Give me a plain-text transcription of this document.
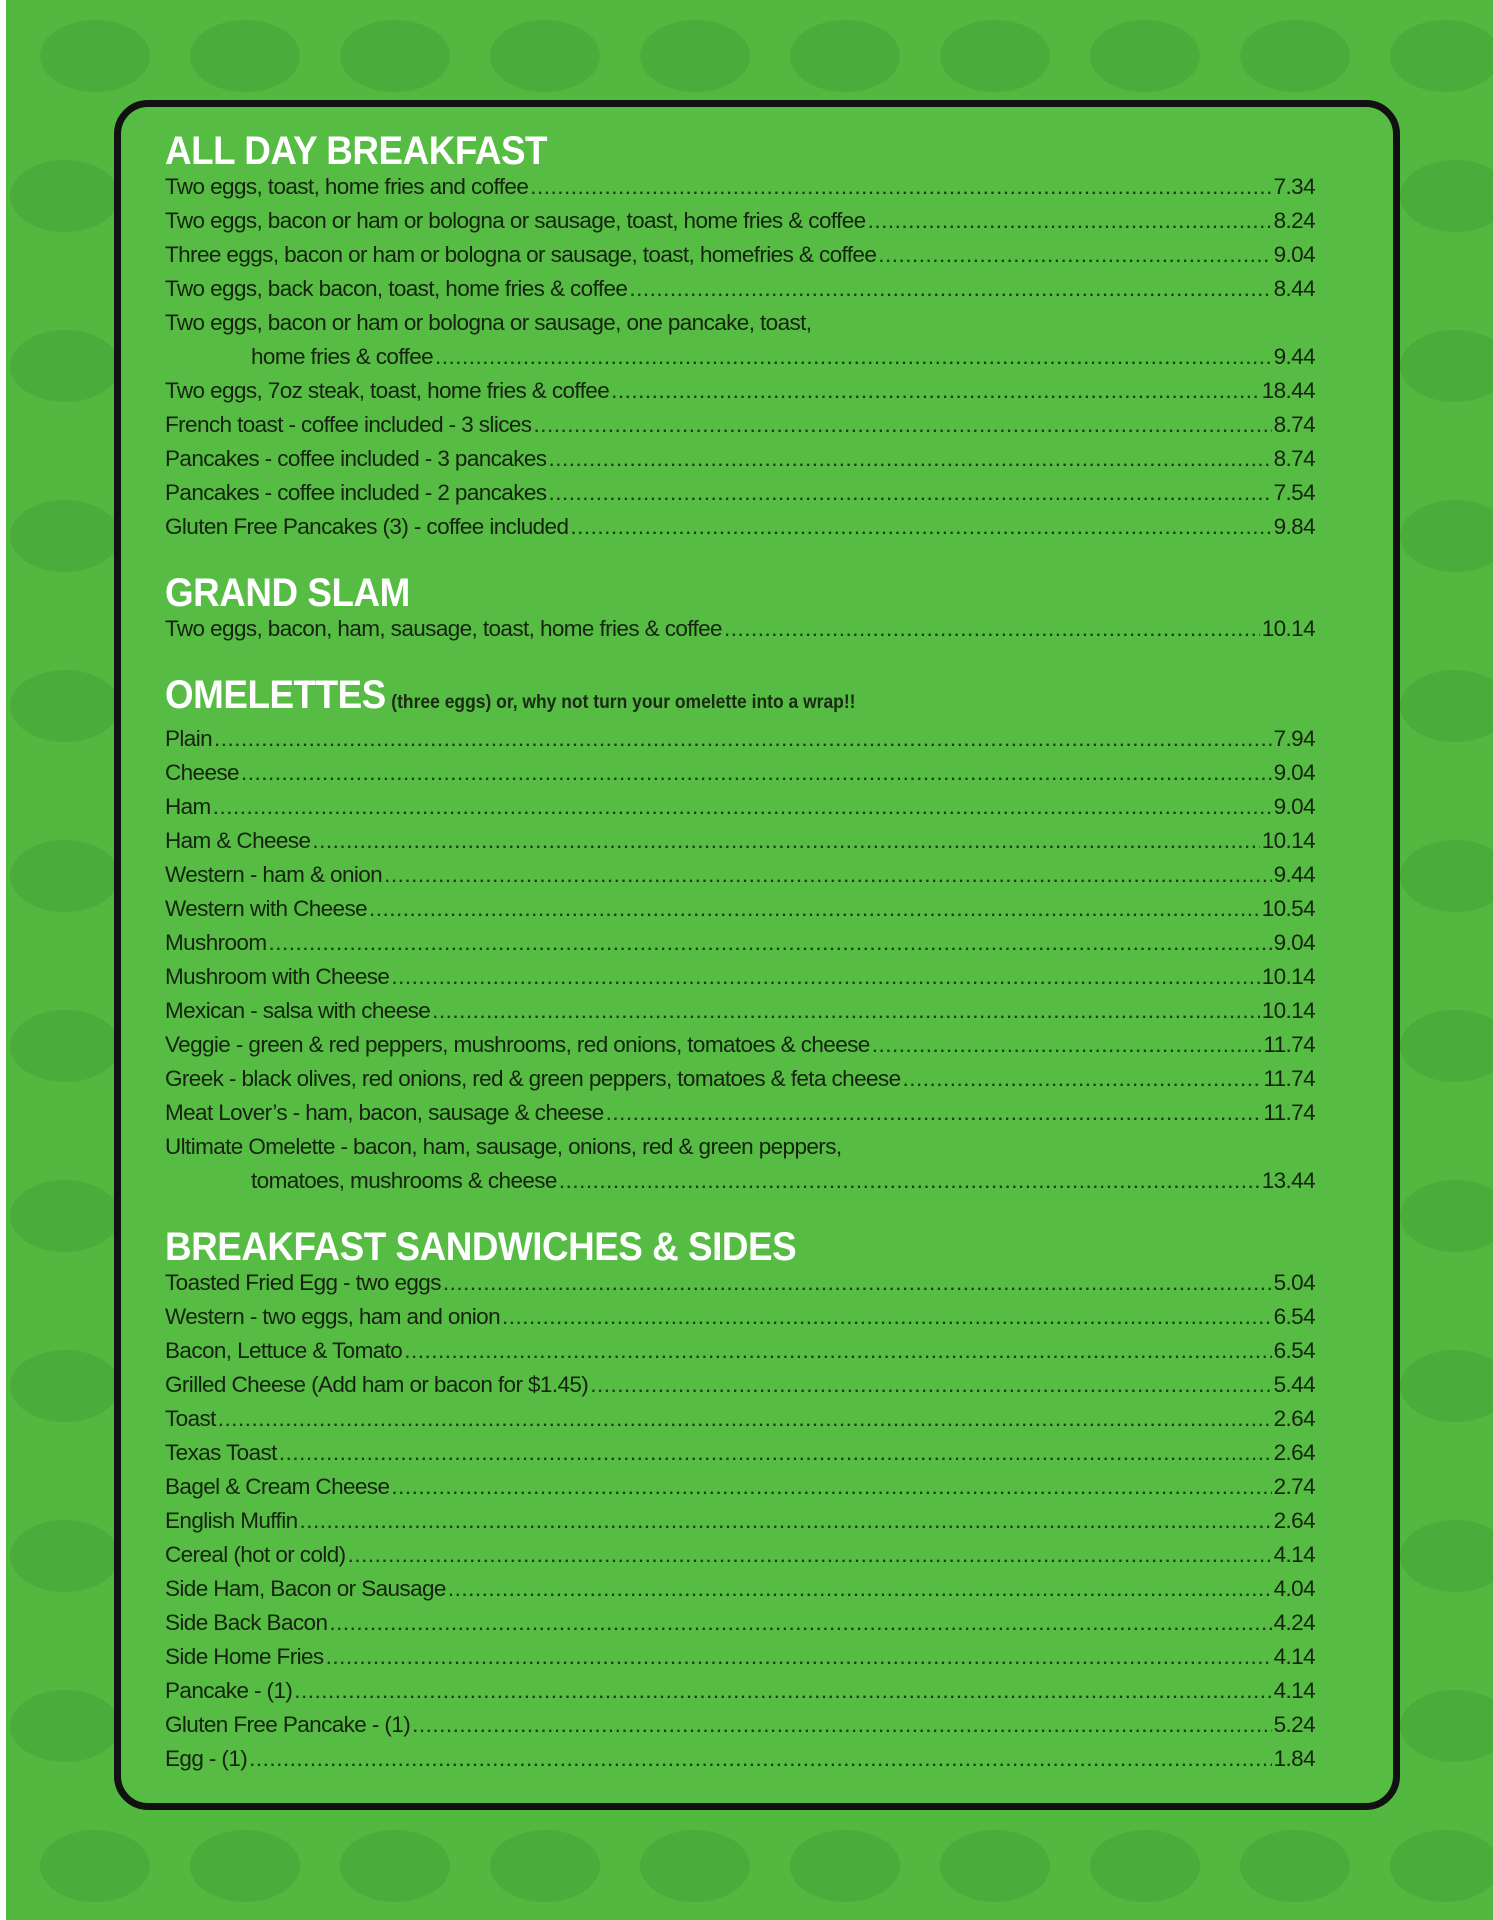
ALL DAY BREAKFAST
Two eggs, toast, home fries and coffee .....	7.34
Two eggs, bacon or ham or bologna or sausage, toast, home fries & coffee .....	8.24
Three eggs, bacon or ham or bologna or sausage, toast, homefries & coffee .....	9.04
Two eggs, back bacon, toast, home fries & coffee .....	8.44
Two eggs, bacon or ham or bologna or sausage, one pancake, toast,
home fries & coffee .....	9.44
Two eggs, 7oz steak, toast, home fries & coffee .....	18.44
French toast - coffee included - 3 slices .....	8.74
Pancakes - coffee included - 3 pancakes .....	8.74
Pancakes - coffee included - 2 pancakes .....	7.54
Gluten Free Pancakes (3) - coffee included .....	9.84
GRAND SLAM
Two eggs, bacon, ham, sausage, toast, home fries & coffee .....	10.14
OMELETTES (three eggs) or, why not turn your omelette into a wrap!!
Plain .....	7.94
Cheese .....	9.04
Ham .....	9.04
Ham & Cheese .....	10.14
Western - ham & onion .....	9.44
Western with Cheese .....	10.54
Mushroom .....	9.04
Mushroom with Cheese .....	10.14
Mexican - salsa with cheese .....	10.14
Veggie - green & red peppers, mushrooms, red onions, tomatoes & cheese .....	11.74
Greek - black olives, red onions, red & green peppers, tomatoes & feta cheese .....	11.74
Meat Lover’s - ham, bacon, sausage & cheese .....	11.74
Ultimate Omelette - bacon, ham, sausage, onions, red & green peppers,
tomatoes, mushrooms & cheese .....	13.44
BREAKFAST SANDWICHES & SIDES
Toasted Fried Egg - two eggs .....	5.04
Western - two eggs, ham and onion .....	6.54
Bacon, Lettuce & Tomato .....	6.54
Grilled Cheese (Add ham or bacon for $1.45) .....	5.44
Toast .....	2.64
Texas Toast .....	2.64
Bagel & Cream Cheese .....	2.74
English Muffin .....	2.64
Cereal (hot or cold) .....	4.14
Side Ham, Bacon or Sausage .....	4.04
Side Back Bacon .....	4.24
Side Home Fries .....	4.14
Pancake - (1) .....	4.14
Gluten Free Pancake - (1) .....	5.24
Egg - (1) .....	1.84
